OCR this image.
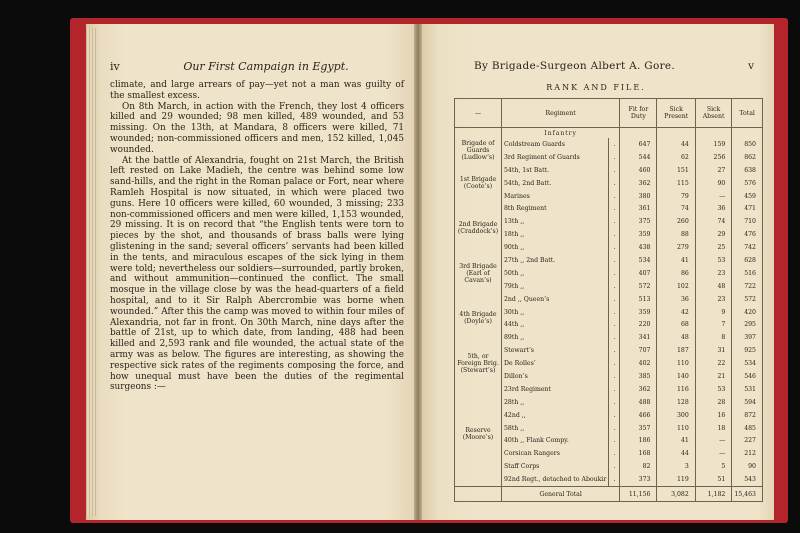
iv	Our First Campaign in Egypt.

climate, and large arrears of pay—yet not a man was guilty of the smallest excess.

On 8th March, in action with the French, they lost 4 officers killed and 29 wounded; 98 men killed, 489 wounded, and 53 missing. On the 13th, at Mandara, 8 officers were killed, 71 wounded; non-commissioned officers and men, 152 killed, 1,045 wounded.

At the battle of Alexandria, fought on 21st March, the British left rested on Lake Madieh, the centre was behind some low sand-hills, and the right in the Roman palace or Fort, near where Ramleh Hospital is now situated, in which were placed two guns. Here 10 officers were killed, 60 wounded, 3 missing; 233 non-commissioned officers and men were killed, 1,153 wounded, 29 missing. It is on record that “the English tents were torn to pieces by the shot, and thousands of brass balls were lying glistening in the sand; several officers’ servants had been killed in the tents, and miraculous escapes of the sick lying in them were told; nevertheless our soldiers—surrounded, partly broken, and without ammunition—continued the conflict. The small mosque in the village close by was the head-quarters of a field hospital, and to it Sir Ralph Abercrombie was borne when wounded.” After this the camp was moved to within four miles of Alexandria, not far in front. On 30th March, nine days after the battle of 21st, up to which date, from landing, 488 had been killed and 2,593 rank and file wounded, the actual state of the army was as below. The figures are interesting, as showing the respective sick rates of the regiments composing the force, and how unequal must have been the duties of the regimental surgeons :—

By Brigade-Surgeon Albert A. Gore.	v
RANK AND FILE.
—	Regiment		Fit for Duty	Sick Present	Sick Absent	Total
	Infantry					
Brigade of Guards (Ludlow’s)	Coldstream Guards	.	647	44	159	850
	3rd Regiment of Guards	.	544	62	256	862
1st Brigade (Coote’s)	54th, 1st Batt.	.	460	151	27	638
	54th, 2nd Batt.	.	362	115	90	576
	Marines	.	380	79	—	459
2nd Brigade (Craddock’s)	8th Regiment	.	361	74	36	471
	13th ,,	.	375	260	74	710
	18th ,,	.	359	88	29	476
	90th ,,	.	438	279	25	742
3rd Brigade (Earl of Cavan’s)	27th ,, 2nd Batt.	.	534	41	53	628
	50th ,,	.	407	86	23	516
	79th ,,	.	572	102	48	722
4th Brigade (Doyle’s)	2nd ,, Queen’s	.	513	36	23	572
	30th ,,	.	359	42	9	420
	44th ,,	.	220	68	7	295
	89th ,,	.	341	48	8	397
5th, or Foreign Brig. (Stewart’s)	Stewart’s	.	707	187	31	925
	De Rolles’	.	402	110	22	534
	Dillon’s	.	385	140	21	546
Reserve (Moore’s)	23rd Regiment	.	362	116	53	531
	28th ,,	.	488	128	28	594
	42nd ,,	.	466	300	16	872
	58th ,,	.	357	110	18	485
	40th ,, Flank Compy.	.	186	41	—	227
	Corsican Rangers	.	168	44	—	212
	Staff Corps	.	82	3	5	90
	92nd Regt., detached to Aboukir	.	373	119	51	543
	General Total		11,156	3,082	1,182	15,463
